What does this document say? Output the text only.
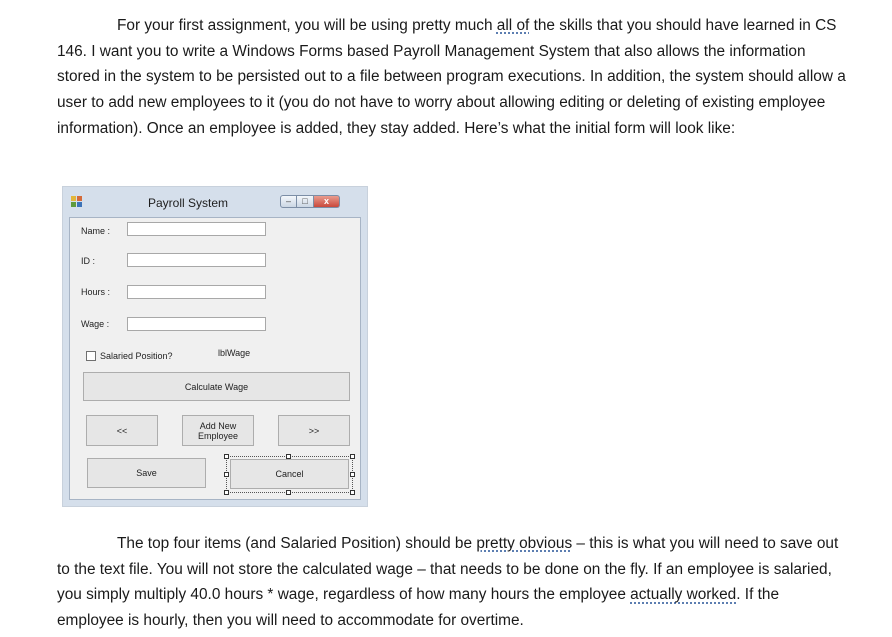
For your first assignment, you will be using pretty much all of the skills that you should have learned in CS 146. I want you to write a Windows Forms based Payroll Management System that also allows the information stored in the system to be persisted out to a file between program executions. In addition, the system should allow a user to add new employees to it (you do not have to worry about allowing editing or deleting of existing employee information). Once an employee is added, they stay added. Here’s what the initial form will look like:

Payroll System	–	□	x
Name :
ID :
Hours :
Wage :
Salaried Position?	lblWage
Calculate Wage
<<	Add New Employee	>>
Save	Cancel

The top four items (and Salaried Position) should be pretty obvious – this is what you will need to save out to the text file. You will not store the calculated wage – that needs to be done on the fly. If an employee is salaried, you simply multiply 40.0 hours * wage, regardless of how many hours the employee actually worked. If the employee is hourly, then you will need to accommodate for overtime.
